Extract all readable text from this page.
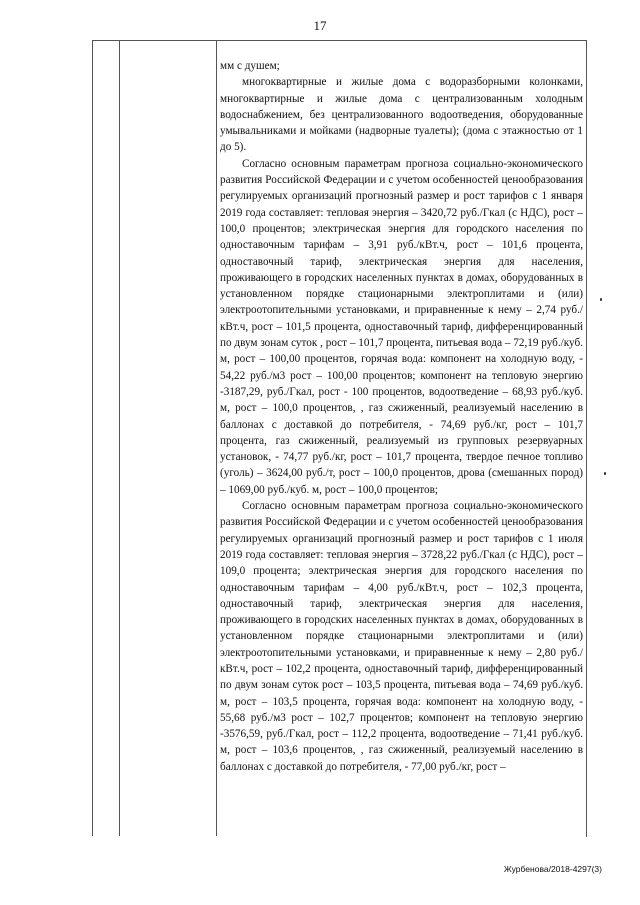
17

мм с душем;

многоквартирные и жилые дома с водоразборными колонками, многоквартирные и жилые дома с централизованным холодным водоснабжением, без централизованного водоотведения, оборудованные умывальниками и мойками (надворные туалеты); (дома с этажностью от 1 до 5).

Согласно основным параметрам прогноза социально-экономического развития Российской Федерации и с учетом особенностей ценообразования регулируемых организаций прогнозный размер и рост тарифов с 1 января 2019 года составляет: тепловая энергия – 3420,72 руб./Гкал (с НДС), рост – 100,0 процентов; электрическая энергия для городского населения по одноставочным тарифам – 3,91 руб./кВт.ч, рост – 101,6 процента, одноставочный тариф, электрическая энергия для населения, проживающего в городских населенных пунктах в домах, оборудованных в установленном порядке стационарными электроплитами и (или) электроотопительными установками, и приравненные к нему – 2,74 руб./кВт.ч, рост – 101,5 процента, одноставочный тариф, дифференцированный по двум зонам суток , рост – 101,7 процента, питьевая вода – 72,19 руб./куб. м, рост – 100,00 процентов, горячая вода: компонент на холодную воду, - 54,22 руб./м3 рост – 100,00 процентов; компонент на тепловую энергию -3187,29, руб./Гкал, рост - 100 процентов, водоотведение – 68,93 руб./куб. м, рост – 100,0 процентов, , газ сжиженный, реализуемый населению в баллонах с доставкой до потребителя, - 74,69 руб./кг, рост – 101,7 процента, газ сжиженный, реализуемый из групповых резервуарных установок, - 74,77 руб./кг, рост – 101,7 процента, твердое печное топливо (уголь) – 3624,00 руб./т, рост – 100,0 процентов, дрова (смешанных пород) – 1069,00 руб./куб. м, рост – 100,0 процентов;

Согласно основным параметрам прогноза социально-экономического развития Российской Федерации и с учетом особенностей ценообразования регулируемых организаций прогнозный размер и рост тарифов с 1 июля 2019 года составляет: тепловая энергия – 3728,22 руб./Гкал (с НДС), рост – 109,0 процента; электрическая энергия для городского населения по одноставочным тарифам – 4,00 руб./кВт.ч, рост – 102,3 процента, одноставочный тариф, электрическая энергия для населения, проживающего в городских населенных пунктах в домах, оборудованных в установленном порядке стационарными электроплитами и (или) электроотопительными установками, и приравненные к нему – 2,80 руб./кВт.ч, рост – 102,2 процента, одноставочный тариф, дифференцированный по двум зонам суток рост – 103,5 процента, питьевая вода – 74,69 руб./куб. м, рост – 103,5 процента, горячая вода: компонент на холодную воду, - 55,68 руб./м3 рост – 102,7 процентов; компонент на тепловую энергию -3576,59, руб./Гкал, рост – 112,2 процента, водоотведение – 71,41 руб./куб. м, рост – 103,6 процентов, , газ сжиженный, реализуемый населению в баллонах с доставкой до потребителя, - 77,00 руб./кг, рост –

Журбенова/2018-4297(3)
